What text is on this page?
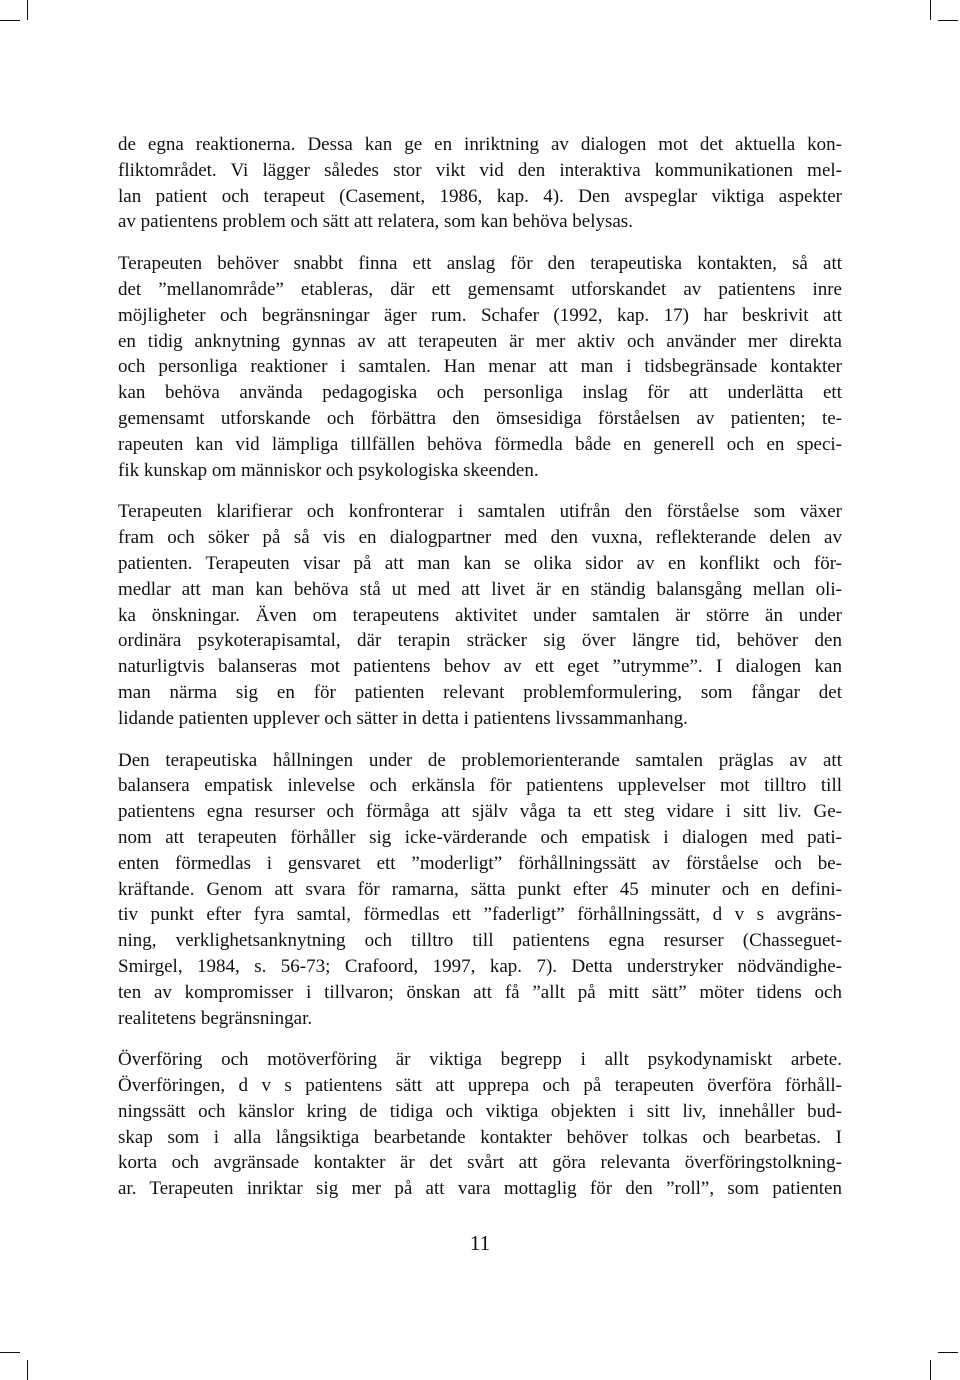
de egna reaktionerna. Dessa kan ge en inriktning av dialogen mot det aktuella kon-
fliktområdet. Vi lägger således stor vikt vid den interaktiva kommunikationen mel-
lan patient och terapeut (Casement, 1986, kap. 4). Den avspeglar viktiga aspekter
av patientens problem och sätt att relatera, som kan behöva belysas.

Terapeuten behöver snabbt finna ett anslag för den terapeutiska kontakten, så att
det ”mellanområde” etableras, där ett gemensamt utforskandet av patientens inre
möjligheter och begränsningar äger rum. Schafer (1992, kap. 17) har beskrivit att
en tidig anknytning gynnas av att terapeuten är mer aktiv och använder mer direkta
och personliga reaktioner i samtalen. Han menar att man i tidsbegränsade kontakter
kan behöva använda pedagogiska och personliga inslag för att underlätta ett
gemensamt utforskande och förbättra den ömsesidiga förståelsen av patienten; te-
rapeuten kan vid lämpliga tillfällen behöva förmedla både en generell och en speci-
fik kunskap om människor och psykologiska skeenden.

Terapeuten klarifierar och konfronterar i samtalen utifrån den förståelse som växer
fram och söker på så vis en dialogpartner med den vuxna, reflekterande delen av
patienten. Terapeuten visar på att man kan se olika sidor av en konflikt och för-
medlar att man kan behöva stå ut med att livet är en ständig balansgång mellan oli-
ka önskningar. Även om terapeutens aktivitet under samtalen är större än under
ordinära psykoterapisamtal, där terapin sträcker sig över längre tid, behöver den
naturligtvis balanseras mot patientens behov av ett eget ”utrymme”. I dialogen kan
man närma sig en för patienten relevant problemformulering, som fångar det
lidande patienten upplever och sätter in detta i patientens livssammanhang.

Den terapeutiska hållningen under de problemorienterande samtalen präglas av att
balansera empatisk inlevelse och erkänsla för patientens upplevelser mot tilltro till
patientens egna resurser och förmåga att själv våga ta ett steg vidare i sitt liv. Ge-
nom att terapeuten förhåller sig icke-värderande och empatisk i dialogen med pati-
enten förmedlas i gensvaret ett ”moderligt” förhållningssätt av förståelse och be-
kräftande. Genom att svara för ramarna, sätta punkt efter 45 minuter och en defini-
tiv punkt efter fyra samtal, förmedlas ett ”faderligt” förhållningssätt, d v s avgräns-
ning, verklighetsanknytning och tilltro till patientens egna resurser (Chasseguet-
Smirgel, 1984, s. 56-73; Crafoord, 1997, kap. 7). Detta understryker nödvändighe-
ten av kompromisser i tillvaron; önskan att få ”allt på mitt sätt” möter tidens och
realitetens begränsningar.

Överföring och motöverföring är viktiga begrepp i allt psykodynamiskt arbete.
Överföringen, d v s patientens sätt att upprepa och på terapeuten överföra förhåll-
ningssätt och känslor kring de tidiga och viktiga objekten i sitt liv, innehåller bud-
skap som i alla långsiktiga bearbetande kontakter behöver tolkas och bearbetas. I
korta och avgränsade kontakter är det svårt att göra relevanta överföringstolkning-
ar. Terapeuten inriktar sig mer på att vara mottaglig för den ”roll”, som patienten

11
